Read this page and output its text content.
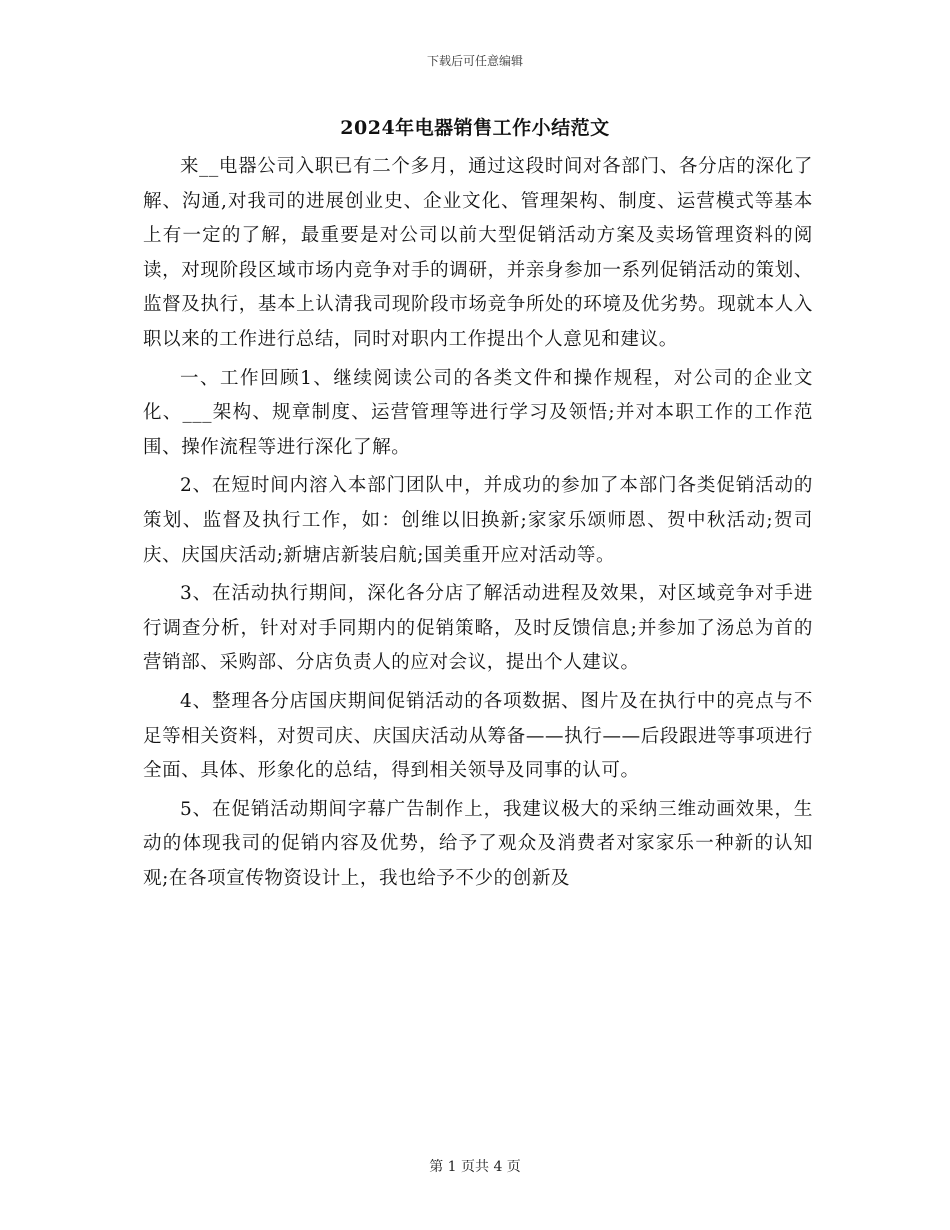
下载后可任意编辑
2024年电器销售工作小结范文

来__电器公司入职已有二个多月，通过这段时间对各部门、各分店的深化了解、沟通,对我司的进展创业史、企业文化、管理架构、制度、运营模式等基本上有一定的了解，最重要是对公司以前大型促销活动方案及卖场管理资料的阅读，对现阶段区域市场内竞争对手的调研，并亲身参加一系列促销活动的策划、监督及执行，基本上认清我司现阶段市场竞争所处的环境及优劣势。现就本人入职以来的工作进行总结，同时对职内工作提出个人意见和建议。

一、工作回顾1、继续阅读公司的各类文件和操作规程，对公司的企业文化、___架构、规章制度、运营管理等进行学习及领悟;并对本职工作的工作范围、操作流程等进行深化了解。

2、在短时间内溶入本部门团队中，并成功的参加了本部门各类促销活动的策划、监督及执行工作，如：创维以旧换新;家家乐颂师恩、贺中秋活动;贺司庆、庆国庆活动;新塘店新装启航;国美重开应对活动等。

3、在活动执行期间，深化各分店了解活动进程及效果，对区域竞争对手进行调查分析，针对对手同期内的促销策略，及时反馈信息;并参加了汤总为首的营销部、采购部、分店负责人的应对会议，提出个人建议。

4、整理各分店国庆期间促销活动的各项数据、图片及在执行中的亮点与不足等相关资料，对贺司庆、庆国庆活动从筹备——执行——后段跟进等事项进行全面、具体、形象化的总结，得到相关领导及同事的认可。

5、在促销活动期间字幕广告制作上，我建议极大的采纳三维动画效果，生动的体现我司的促销内容及优势，给予了观众及消费者对家家乐一种新的认知观;在各项宣传物资设计上，我也给予不少的创新及

第 1 页共 4 页
